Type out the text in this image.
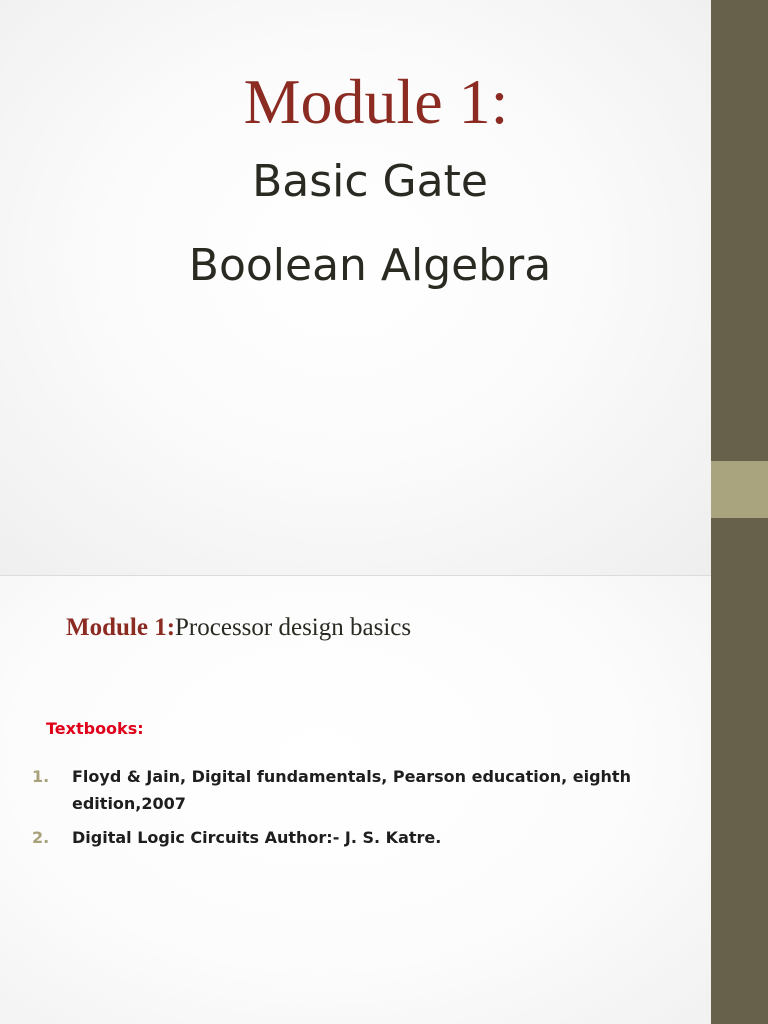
Module 1:
Basic Gate
Boolean Algebra
Module 1:Processor design basics
Textbooks:
1. Floyd & Jain, Digital fundamentals, Pearson education, eighth edition,2007
2. Digital Logic Circuits Author:- J. S. Katre.
